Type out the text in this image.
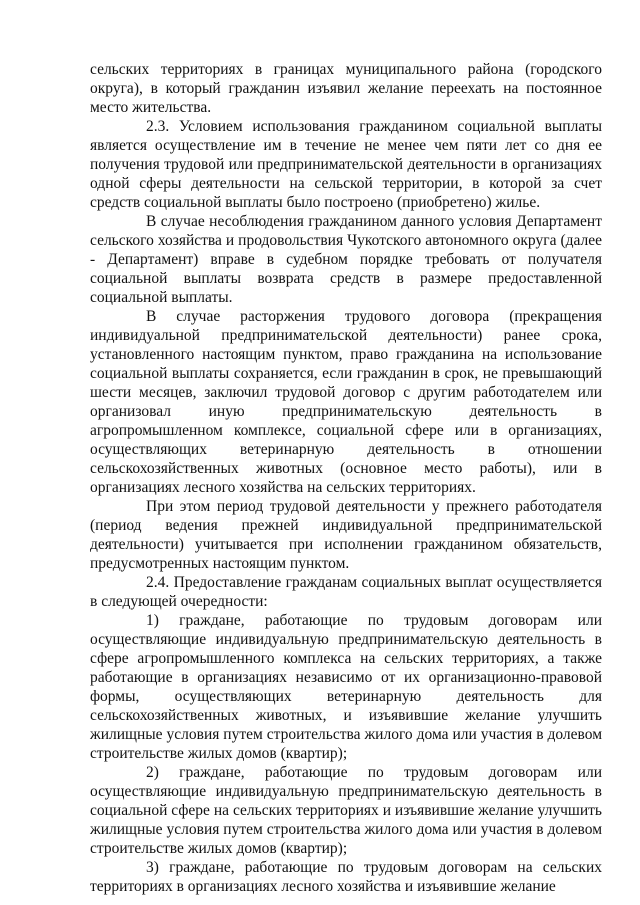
сельских территориях в границах муниципального района (городского округа), в который гражданин изъявил желание переехать на постоянное место жительства.

2.3. Условием использования гражданином социальной выплаты является осуществление им в течение не менее чем пяти лет со дня ее получения трудовой или предпринимательской деятельности в организациях одной сферы деятельности на сельской территории, в которой за счет средств социальной выплаты было построено (приобретено) жилье.

В случае несоблюдения гражданином данного условия Департамент сельского хозяйства и продовольствия Чукотского автономного округа (далее - Департамент) вправе в судебном порядке требовать от получателя социальной выплаты возврата средств в размере предоставленной социальной выплаты.

В случае расторжения трудового договора (прекращения индивидуальной предпринимательской деятельности) ранее срока, установленного настоящим пунктом, право гражданина на использование социальной выплаты сохраняется, если гражданин в срок, не превышающий шести месяцев, заключил трудовой договор с другим работодателем или организовал иную предпринимательскую деятельность в агропромышленном комплексе, социальной сфере или в организациях, осуществляющих ветеринарную деятельность в отношении сельскохозяйственных животных (основное место работы), или в организациях лесного хозяйства на сельских территориях.

При этом период трудовой деятельности у прежнего работодателя (период ведения прежней индивидуальной предпринимательской деятельности) учитывается при исполнении гражданином обязательств, предусмотренных настоящим пунктом.

2.4. Предоставление гражданам социальных выплат осуществляется в следующей очередности:

1) граждане, работающие по трудовым договорам или осуществляющие индивидуальную предпринимательскую деятельность в сфере агропромышленного комплекса на сельских территориях, а также работающие в организациях независимо от их организационно-правовой формы, осуществляющих ветеринарную деятельность для сельскохозяйственных животных, и изъявившие желание улучшить жилищные условия путем строительства жилого дома или участия в долевом строительстве жилых домов (квартир);

2) граждане, работающие по трудовым договорам или осуществляющие индивидуальную предпринимательскую деятельность в социальной сфере на сельских территориях и изъявившие желание улучшить жилищные условия путем строительства жилого дома или участия в долевом строительстве жилых домов (квартир);

3) граждане, работающие по трудовым договорам на сельских территориях в организациях лесного хозяйства и изъявившие желание
